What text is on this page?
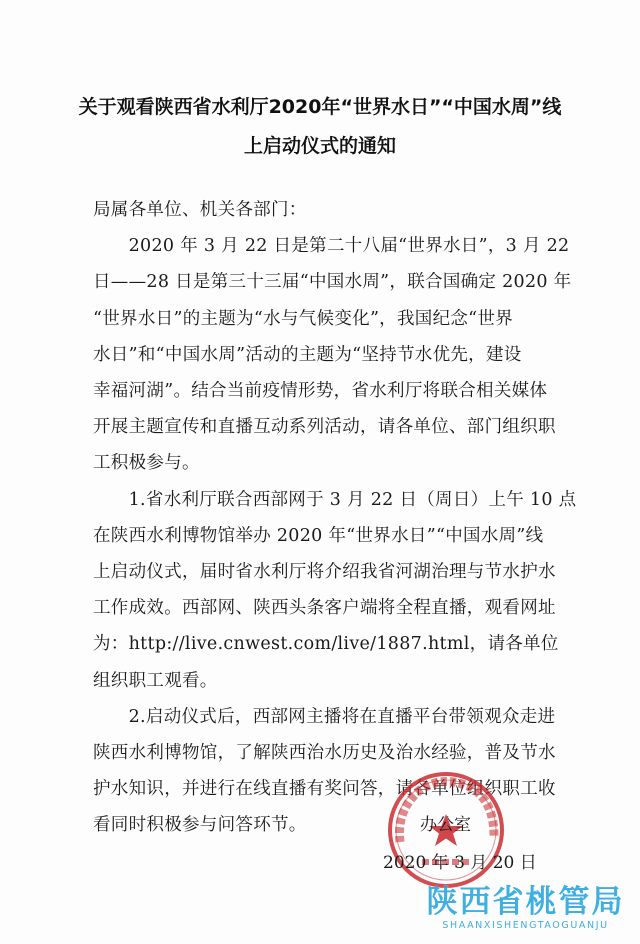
关于观看陕西省水利厅2020年“世界水日”“中国水周”线
上启动仪式的通知
局属各单位、机关各部门：
　　2020 年 3 月 22 日是第二十八届“世界水日”，3 月 22
日——28 日是第三十三届“中国水周”，联合国确定 2020 年
“世界水日”的主题为“水与气候变化”，我国纪念“世界
水日”和“中国水周”活动的主题为“坚持节水优先，建设
幸福河湖”。结合当前疫情形势，省水利厅将联合相关媒体
开展主题宣传和直播互动系列活动，请各单位、部门组织职
工积极参与。
　　1.省水利厅联合西部网于 3 月 22 日（周日）上午 10 点
在陕西水利博物馆举办 2020 年“世界水日”“中国水周”线
上启动仪式，届时省水利厅将介绍我省河湖治理与节水护水
工作成效。西部网、陕西头条客户端将全程直播，观看网址
为：http://live.cnwest.com/live/1887.html，请各单位
组织职工观看。
　　2.启动仪式后，西部网主播将在直播平台带领观众走进
陕西水利博物馆，了解陕西治水历史及治水经验，普及节水
护水知识，并进行在线直播有奖问答，请各单位组织职工收
看同时积极参与问答环节。	办公室
2020 年 3 月 20 日
陕西省桃管局
SHAANXISHENGTAOGUANJU
